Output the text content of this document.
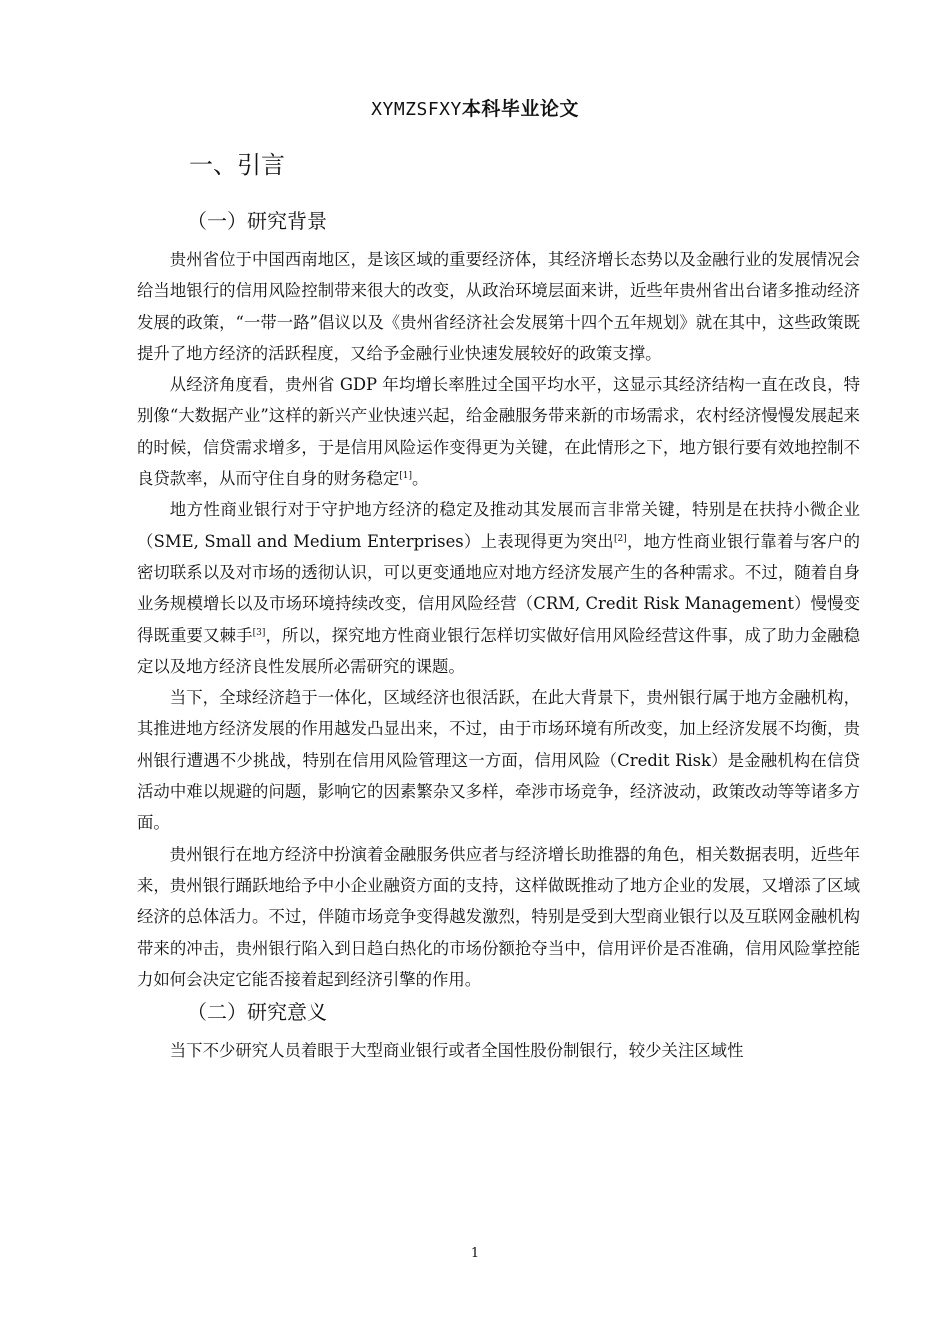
XYMZSFXY本科毕业论文
一、引言
（一）研究背景

贵州省位于中国西南地区，是该区域的重要经济体，其经济增长态势以及金融行业的发展情况会给当地银行的信用风险控制带来很大的改变，从政治环境层面来讲，近些年贵州省出台诸多推动经济发展的政策，“一带一路”倡议以及《贵州省经济社会发展第十四个五年规划》就在其中，这些政策既提升了地方经济的活跃程度，又给予金融行业快速发展较好的政策支撑。

从经济角度看，贵州省 GDP 年均增长率胜过全国平均水平，这显示其经济结构一直在改良，特别像“大数据产业”这样的新兴产业快速兴起，给金融服务带来新的市场需求，农村经济慢慢发展起来的时候，信贷需求增多，于是信用风险运作变得更为关键，在此情形之下，地方银行要有效地控制不良贷款率，从而守住自身的财务稳定[1]。

地方性商业银行对于守护地方经济的稳定及推动其发展而言非常关键，特别是在扶持小微企业（SME, Small and Medium Enterprises）上表现得更为突出[2]，地方性商业银行靠着与客户的密切联系以及对市场的透彻认识，可以更变通地应对地方经济发展产生的各种需求。不过，随着自身业务规模增长以及市场环境持续改变，信用风险经营（CRM, Credit Risk Management）慢慢变得既重要又棘手[3]，所以，探究地方性商业银行怎样切实做好信用风险经营这件事，成了助力金融稳定以及地方经济良性发展所必需研究的课题。

当下，全球经济趋于一体化，区域经济也很活跃，在此大背景下，贵州银行属于地方金融机构，其推进地方经济发展的作用越发凸显出来，不过，由于市场环境有所改变，加上经济发展不均衡，贵州银行遭遇不少挑战，特别在信用风险管理这一方面，信用风险（Credit Risk）是金融机构在信贷活动中难以规避的问题，影响它的因素繁杂又多样，牵涉市场竞争，经济波动，政策改动等等诸多方面。

贵州银行在地方经济中扮演着金融服务供应者与经济增长助推器的角色，相关数据表明，近些年来，贵州银行踊跃地给予中小企业融资方面的支持，这样做既推动了地方企业的发展，又增添了区域经济的总体活力。不过，伴随市场竞争变得越发激烈，特别是受到大型商业银行以及互联网金融机构带来的冲击，贵州银行陷入到日趋白热化的市场份额抢夺当中，信用评价是否准确，信用风险掌控能力如何会决定它能否接着起到经济引擎的作用。

（二）研究意义

当下不少研究人员着眼于大型商业银行或者全国性股份制银行，较少关注区域性

1
